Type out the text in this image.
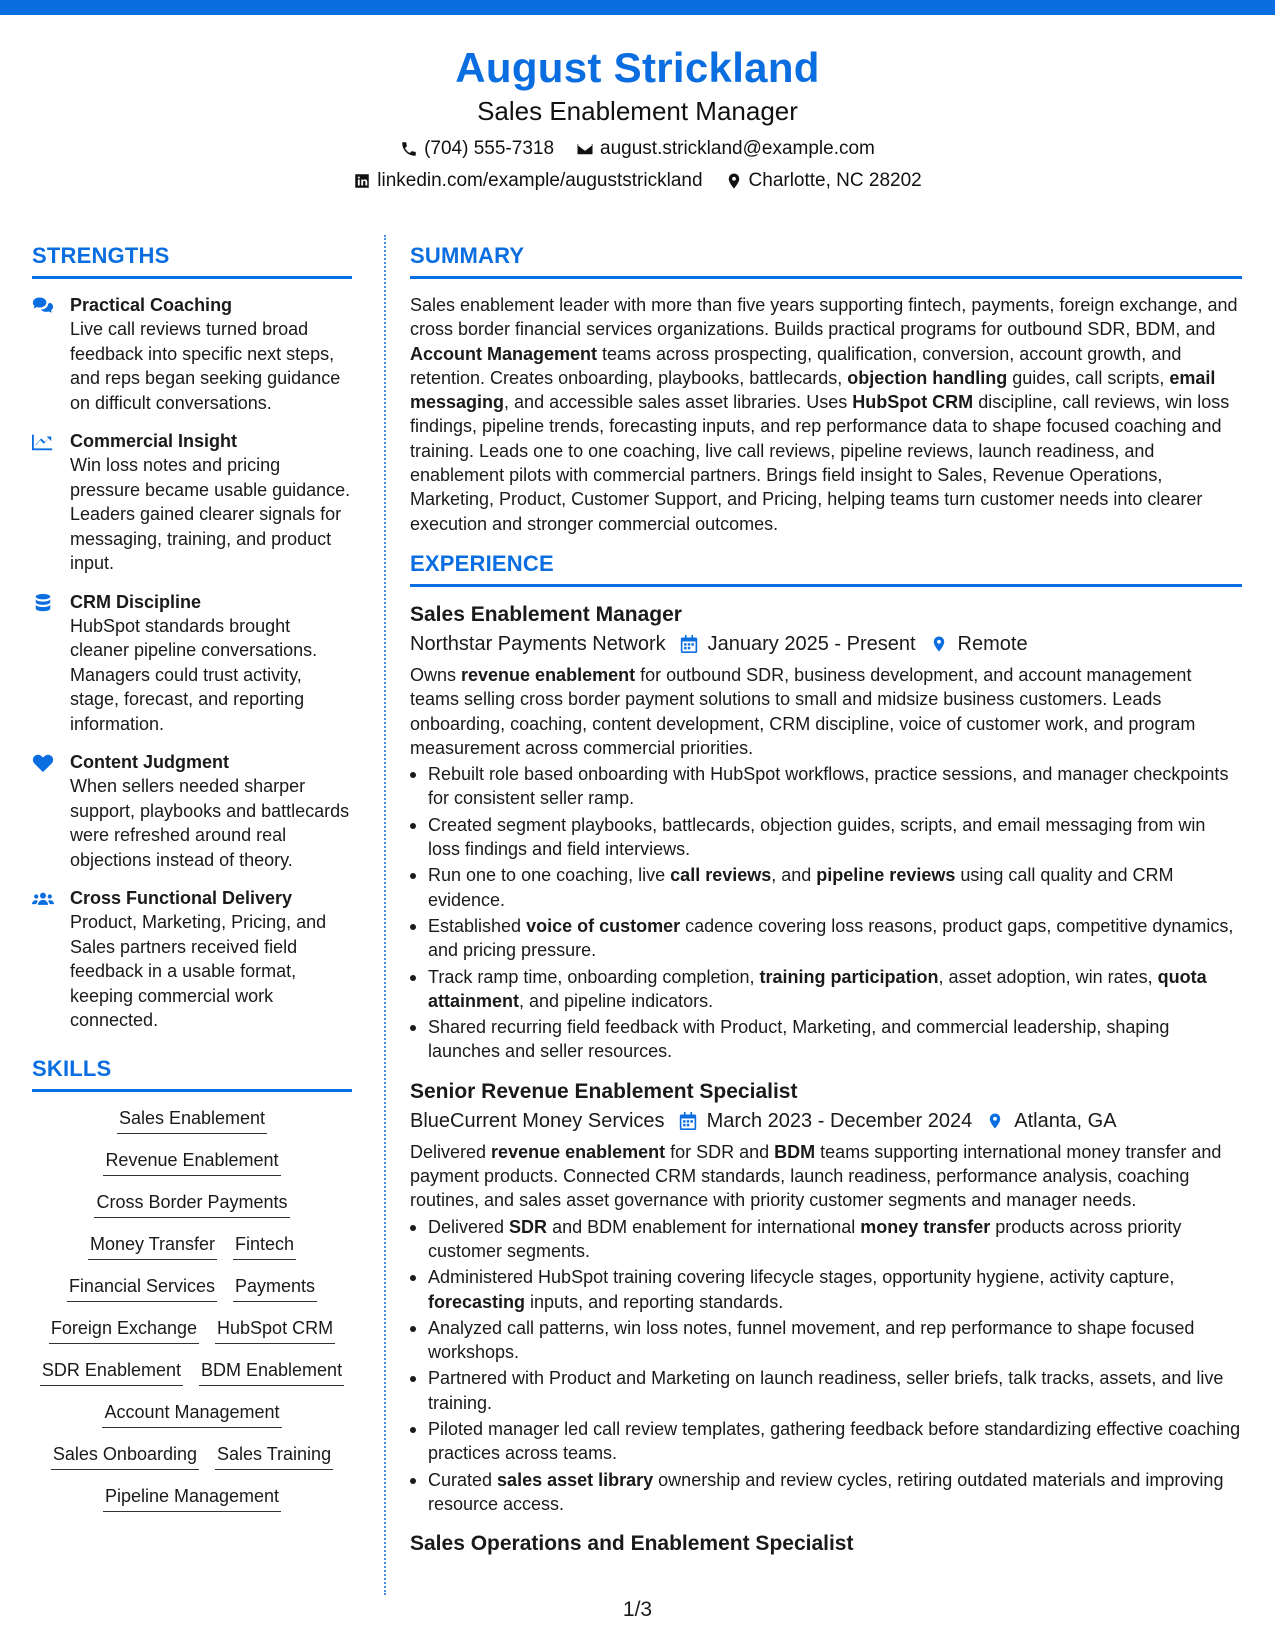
August Strickland
Sales Enablement Manager
(704) 555-7318 august.strickland@example.com
linkedin.com/example/auguststrickland Charlotte, NC 28202
STRENGTHS
Practical Coaching
Live call reviews turned broad feedback into specific next steps, and reps began seeking guidance on difficult conversations.
Commercial Insight
Win loss notes and pricing pressure became usable guidance. Leaders gained clearer signals for messaging, training, and product input.
CRM Discipline
HubSpot standards brought cleaner pipeline conversations. Managers could trust activity, stage, forecast, and reporting information.
Content Judgment
When sellers needed sharper support, playbooks and battlecards were refreshed around real objections instead of theory.
Cross Functional Delivery
Product, Marketing, Pricing, and Sales partners received field feedback in a usable format, keeping commercial work connected.
SKILLS
Sales Enablement
Revenue Enablement
Cross Border Payments
Money Transfer Fintech
Financial Services Payments
Foreign Exchange HubSpot CRM
SDR Enablement BDM Enablement
Account Management
Sales Onboarding Sales Training
Pipeline Management
SUMMARY
Sales enablement leader with more than five years supporting fintech, payments, foreign exchange, and cross border financial services organizations. Builds practical programs for outbound SDR, BDM, and Account Management teams across prospecting, qualification, conversion, account growth, and retention. Creates onboarding, playbooks, battlecards, objection handling guides, call scripts, email messaging, and accessible sales asset libraries. Uses HubSpot CRM discipline, call reviews, win loss findings, pipeline trends, forecasting inputs, and rep performance data to shape focused coaching and training. Leads one to one coaching, live call reviews, pipeline reviews, launch readiness, and enablement pilots with commercial partners. Brings field insight to Sales, Revenue Operations, Marketing, Product, Customer Support, and Pricing, helping teams turn customer needs into clearer execution and stronger commercial outcomes.
EXPERIENCE
Sales Enablement Manager
Northstar Payments Network January 2025 - Present Remote
Owns revenue enablement for outbound SDR, business development, and account management teams selling cross border payment solutions to small and midsize business customers. Leads onboarding, coaching, content development, CRM discipline, voice of customer work, and program measurement across commercial priorities.
Rebuilt role based onboarding with HubSpot workflows, practice sessions, and manager checkpoints for consistent seller ramp.
Created segment playbooks, battlecards, objection guides, scripts, and email messaging from win loss findings and field interviews.
Run one to one coaching, live call reviews, and pipeline reviews using call quality and CRM evidence.
Established voice of customer cadence covering loss reasons, product gaps, competitive dynamics, and pricing pressure.
Track ramp time, onboarding completion, training participation, asset adoption, win rates, quota attainment, and pipeline indicators.
Shared recurring field feedback with Product, Marketing, and commercial leadership, shaping launches and seller resources.
Senior Revenue Enablement Specialist
BlueCurrent Money Services March 2023 - December 2024 Atlanta, GA
Delivered revenue enablement for SDR and BDM teams supporting international money transfer and payment products. Connected CRM standards, launch readiness, performance analysis, coaching routines, and sales asset governance with priority customer segments and manager needs.
Delivered SDR and BDM enablement for international money transfer products across priority customer segments.
Administered HubSpot training covering lifecycle stages, opportunity hygiene, activity capture, forecasting inputs, and reporting standards.
Analyzed call patterns, win loss notes, funnel movement, and rep performance to shape focused workshops.
Partnered with Product and Marketing on launch readiness, seller briefs, talk tracks, assets, and live training.
Piloted manager led call review templates, gathering feedback before standardizing effective coaching practices across teams.
Curated sales asset library ownership and review cycles, retiring outdated materials and improving resource access.
Sales Operations and Enablement Specialist
1/3
